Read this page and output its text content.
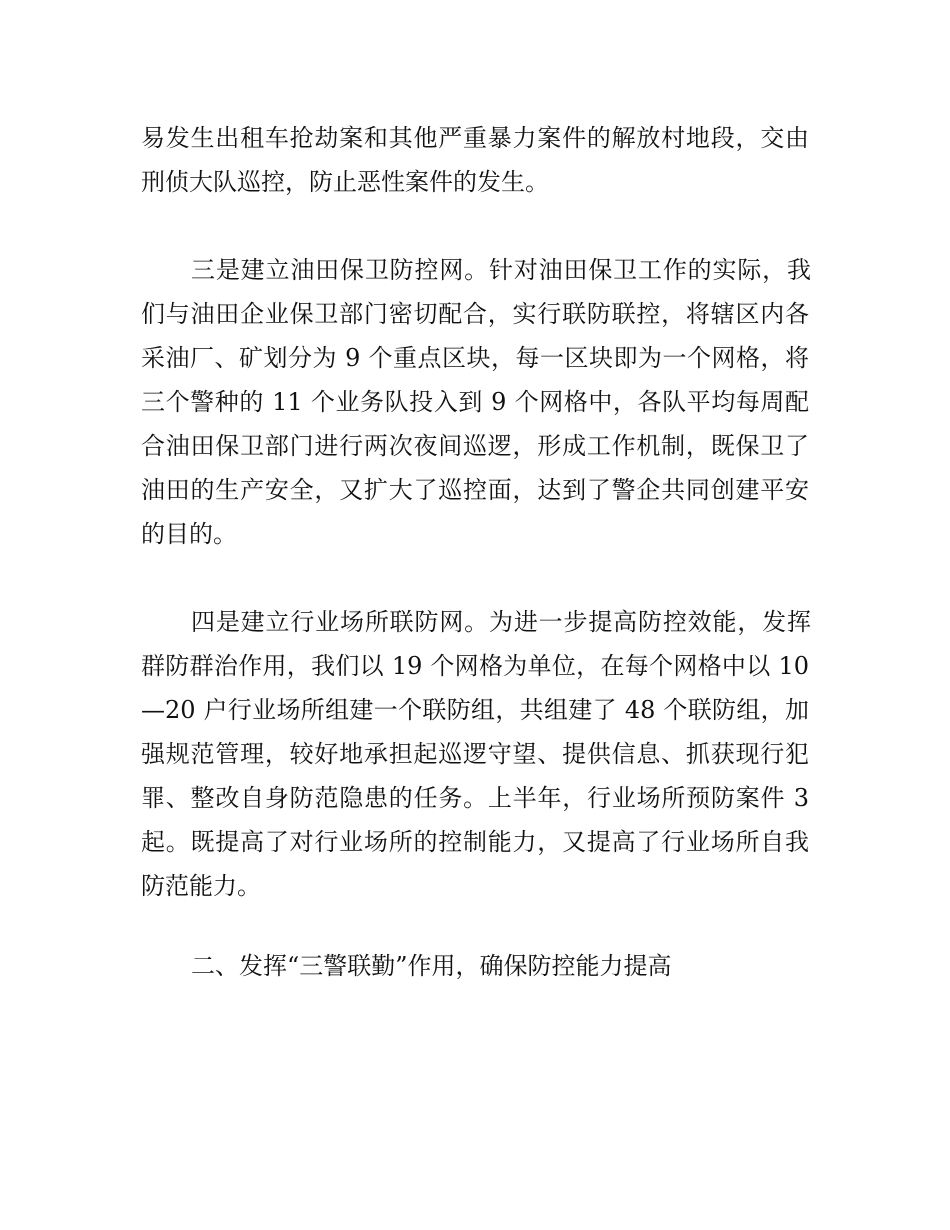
易发生出租车抢劫案和其他严重暴力案件的解放村地段，交由
刑侦大队巡控，防止恶性案件的发生。
三是建立油田保卫防控网。针对油田保卫工作的实际，我
们与油田企业保卫部门密切配合，实行联防联控，将辖区内各
采油厂、矿划分为 9 个重点区块，每一区块即为一个网格，将
三个警种的 11 个业务队投入到 9 个网格中，各队平均每周配
合油田保卫部门进行两次夜间巡逻，形成工作机制，既保卫了
油田的生产安全，又扩大了巡控面，达到了警企共同创建平安
的目的。
四是建立行业场所联防网。为进一步提高防控效能，发挥
群防群治作用，我们以 19 个网格为单位，在每个网格中以 10
—20 户行业场所组建一个联防组，共组建了 48 个联防组，加
强规范管理，较好地承担起巡逻守望、提供信息、抓获现行犯
罪、整改自身防范隐患的任务。上半年，行业场所预防案件 3
起。既提高了对行业场所的控制能力，又提高了行业场所自我
防范能力。
二、发挥“三警联勤”作用，确保防控能力提高
